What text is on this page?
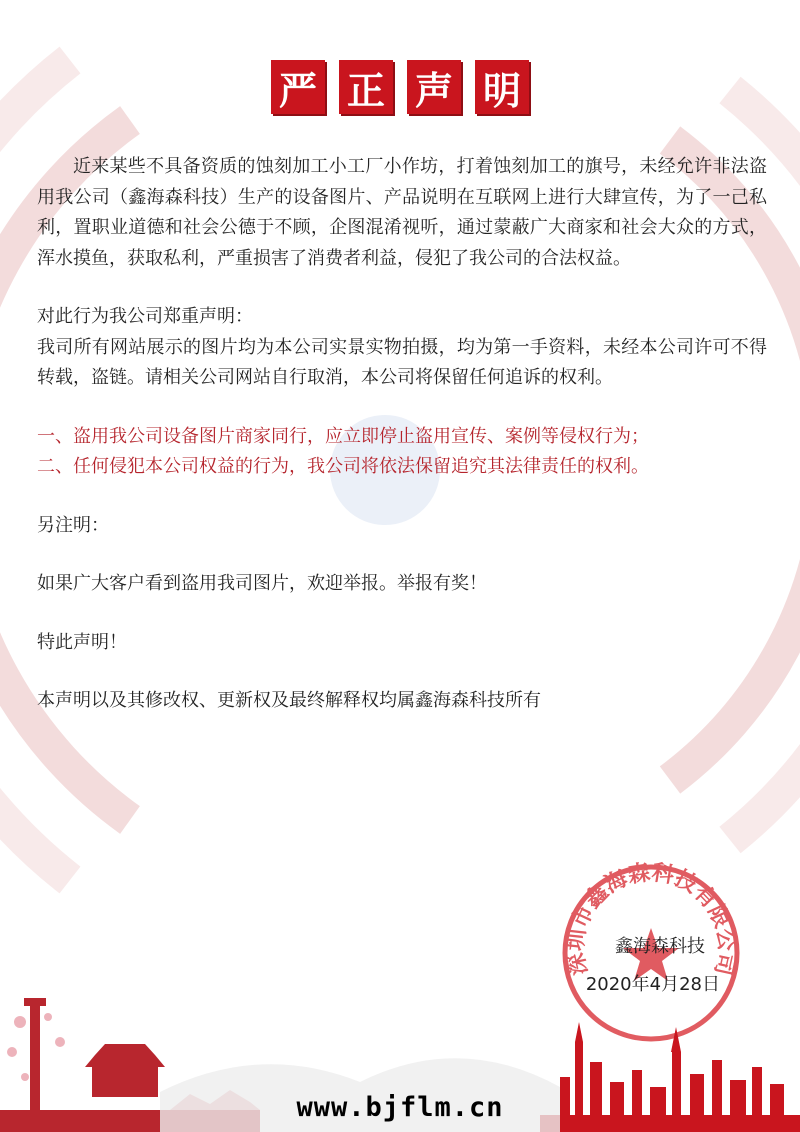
严 正 声 明

近来某些不具备资质的蚀刻加工小工厂小作坊，打着蚀刻加工的旗号，未经允许非法盗用我公司（鑫海森科技）生产的设备图片、产品说明在互联网上进行大肆宣传，为了一己私利，置职业道德和社会公德于不顾，企图混淆视听，通过蒙蔽广大商家和社会大众的方式，浑水摸鱼，获取私利，严重损害了消费者利益，侵犯了我公司的合法权益。

对此行为我公司郑重声明：

我司所有网站展示的图片均为本公司实景实物拍摄，均为第一手资料，未经本公司许可不得转载，盗链。请相关公司网站自行取消，本公司将保留任何追诉的权利。

一、盗用我公司设备图片商家同行，应立即停止盗用宣传、案例等侵权行为；

二、任何侵犯本公司权益的行为，我公司将依法保留追究其法律责任的权利。

另注明：

如果广大客户看到盗用我司图片，欢迎举报。举报有奖！

特此声明！

本声明以及其修改权、更新权及最终解释权均属鑫海森科技所有

深圳市鑫海森科技有限公司
鑫海森科技
2020年4月28日
www.bjflm.cn
